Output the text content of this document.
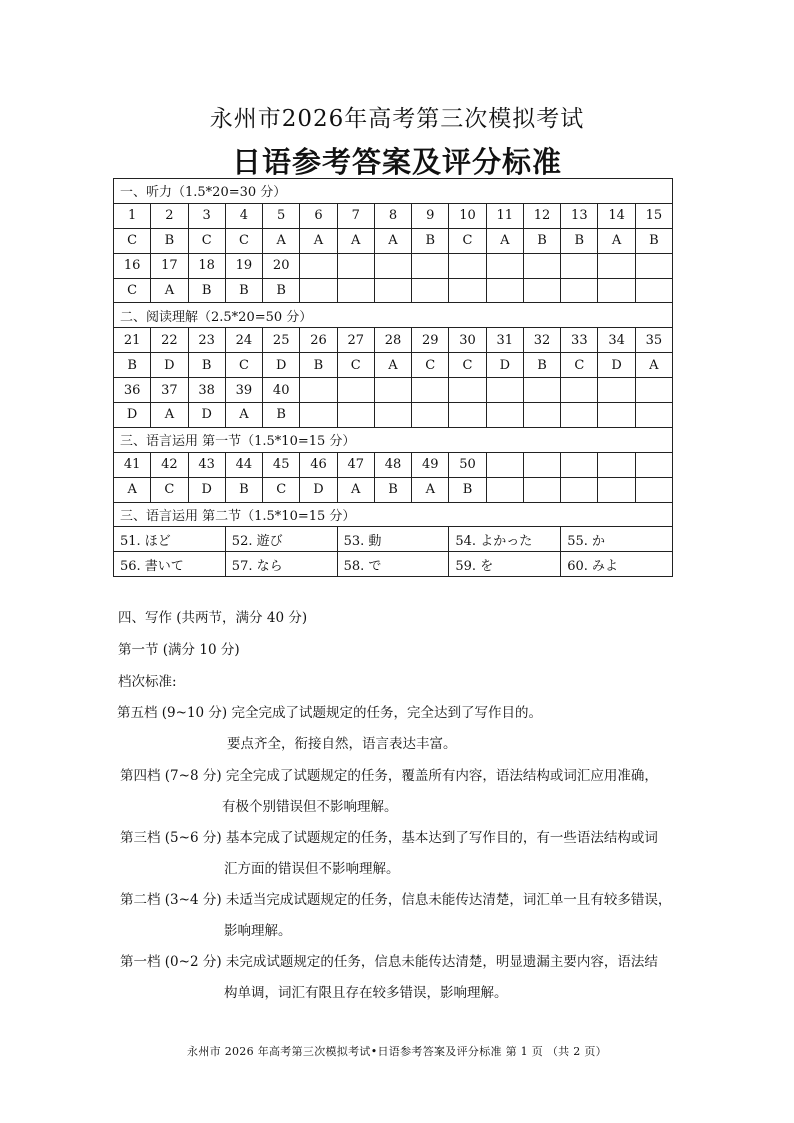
永州市2026年高考第三次模拟考试
日语参考答案及评分标准
一、听力（1.5*20=30 分）														
1	2	3	4	5	6	7	8	9	10	11	12	13	14	15
C	B	C	C	A	A	A	A	B	C	A	B	B	A	B
16	17	18	19	20										
C	A	B	B	B										
二、阅读理解（2.5*20=50 分）														
21	22	23	24	25	26	27	28	29	30	31	32	33	34	35
B	D	B	C	D	B	C	A	C	C	D	B	C	D	A
36	37	38	39	40										
D	A	D	A	B										
三、语言运用 第一节（1.5*10=15 分）														
41	42	43	44	45	46	47	48	49	50					
A	C	D	B	C	D	A	B	A	B					
三、语言运用 第二节（1.5*10=15 分）														
51. ほど			52. 遊び			53. 動			54. よかった			55. か		
56. 書いて			57. なら			58. で			59. を			60. みよ		

四、写作 (共两节，满分 40 分)

第一节 (满分 10 分)

档次标准:

第五档 (9~10 分) 完全完成了试题规定的任务，完全达到了写作目的。

要点齐全，衔接自然，语言表达丰富。

第四档 (7~8 分) 完全完成了试题规定的任务，覆盖所有内容，语法结构或词汇应用准确，

有极个别错误但不影响理解。

第三档 (5~6 分) 基本完成了试题规定的任务，基本达到了写作目的，有一些语法结构或词

汇方面的错误但不影响理解。

第二档 (3~4 分) 未适当完成试题规定的任务，信息未能传达清楚，词汇单一且有较多错误，

影响理解。

第一档 (0~2 分) 未完成试题规定的任务，信息未能传达清楚，明显遗漏主要内容，语法结

构单调，词汇有限且存在较多错误，影响理解。

永州市 2026 年高考第三次模拟考试•日语参考答案及评分标准 第 1 页 （共 2 页）
